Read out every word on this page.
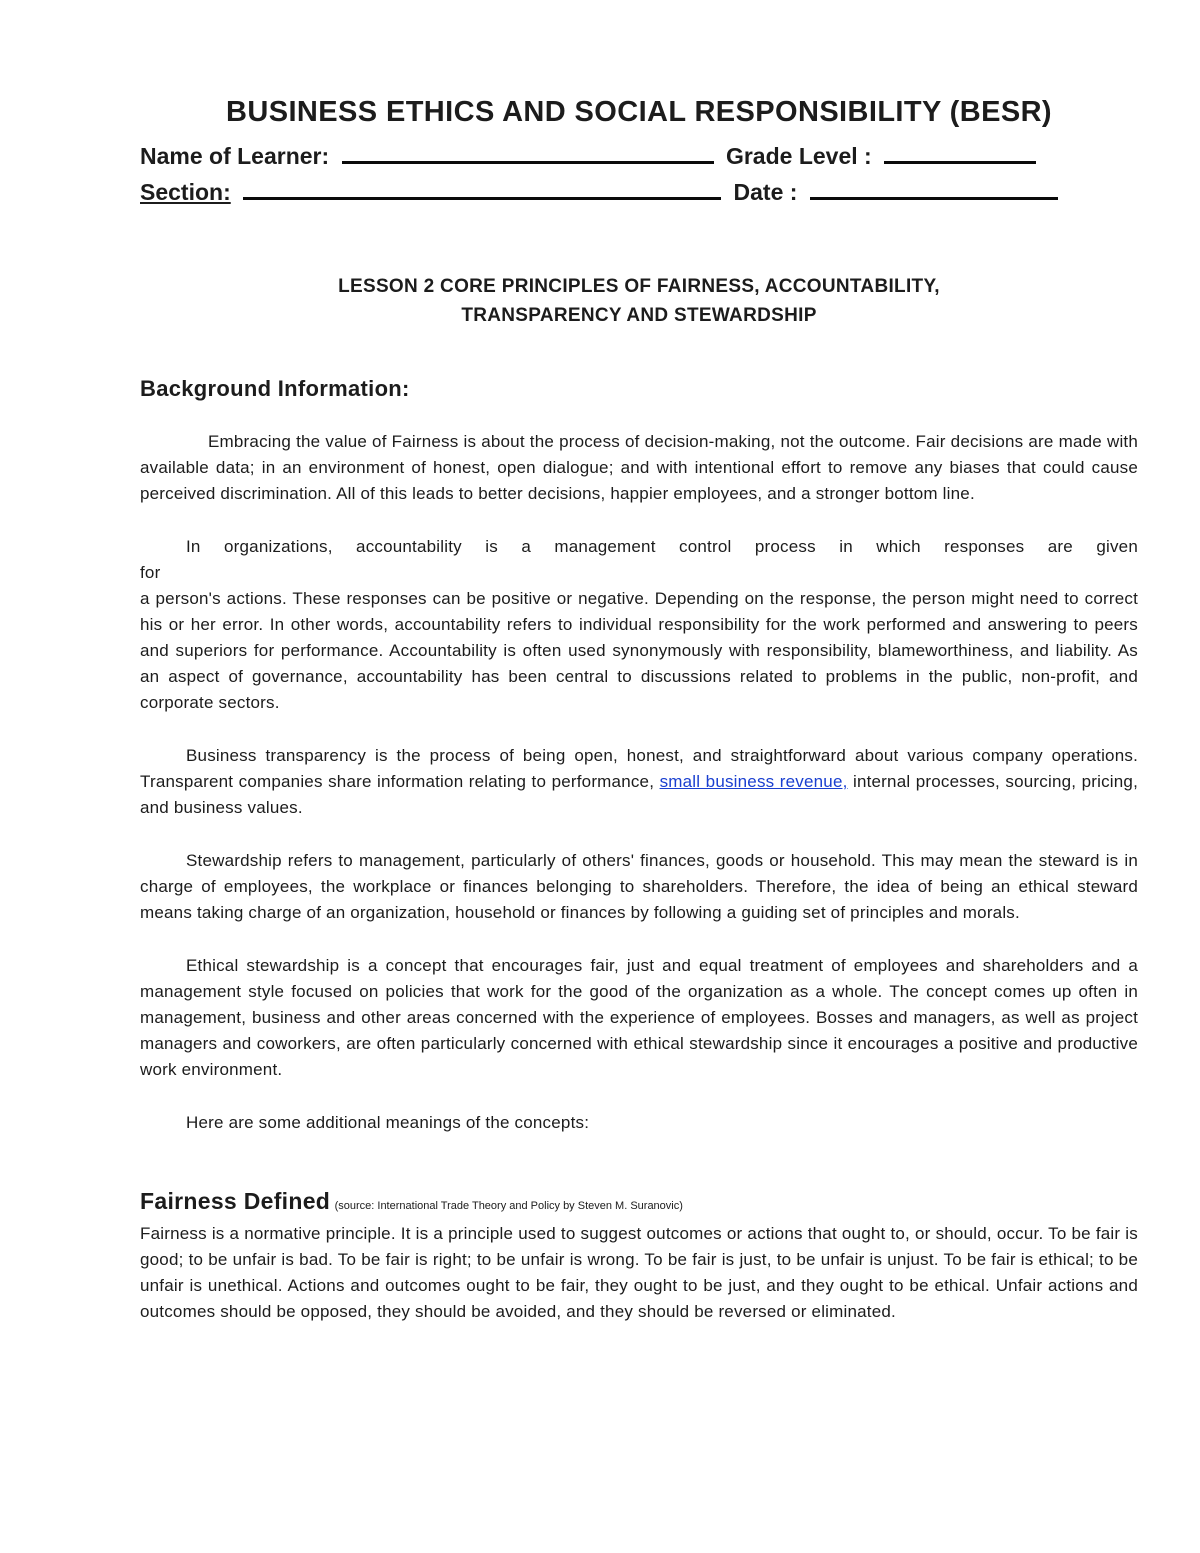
BUSINESS ETHICS AND SOCIAL RESPONSIBILITY (BESR)
Name of Learner:	Grade Level :
Section:	Date :
LESSON 2 CORE PRINCIPLES OF FAIRNESS, ACCOUNTABILITY,
TRANSPARENCY AND STEWARDSHIP
Background Information:

Embracing the value of Fairness is about the process of decision-making, not the outcome. Fair decisions are made with available data; in an environment of honest, open dialogue; and with intentional effort to remove any biases that could cause perceived discrimination. All of this leads to better decisions, happier employees, and a stronger bottom line.

In organizations, accountability is a management control process in which responses are given
for
a person's actions. These responses can be positive or negative. Depending on the response, the person might need to correct his or her error. In other words, accountability refers to individual responsibility for the work performed and answering to peers and superiors for performance. Accountability is often used synonymously with responsibility, blameworthiness, and liability. As an aspect of governance, accountability has been central to discussions related to problems in the public, non-profit, and corporate sectors.

Business transparency is the process of being open, honest, and straightforward about various company operations. Transparent companies share information relating to performance, small business revenue, internal processes, sourcing, pricing, and business values.

Stewardship refers to management, particularly of others' finances, goods or household. This may mean the steward is in charge of employees, the workplace or finances belonging to shareholders. Therefore, the idea of being an ethical steward means taking charge of an organization, household or finances by following a guiding set of principles and morals.

Ethical stewardship is a concept that encourages fair, just and equal treatment of employees and shareholders and a management style focused on policies that work for the good of the organization as a whole. The concept comes up often in management, business and other areas concerned with the experience of employees. Bosses and managers, as well as project managers and coworkers, are often particularly concerned with ethical stewardship since it encourages a positive and productive work environment.

Here are some additional meanings of the concepts:

Fairness Defined (source: International Trade Theory and Policy by Steven M. Suranovic)

Fairness is a normative principle. It is a principle used to suggest outcomes or actions that ought to, or should, occur. To be fair is good; to be unfair is bad. To be fair is right; to be unfair is wrong. To be fair is just, to be unfair is unjust. To be fair is ethical; to be unfair is unethical. Actions and outcomes ought to be fair, they ought to be just, and they ought to be ethical. Unfair actions and outcomes should be opposed, they should be avoided, and they should be reversed or eliminated.
